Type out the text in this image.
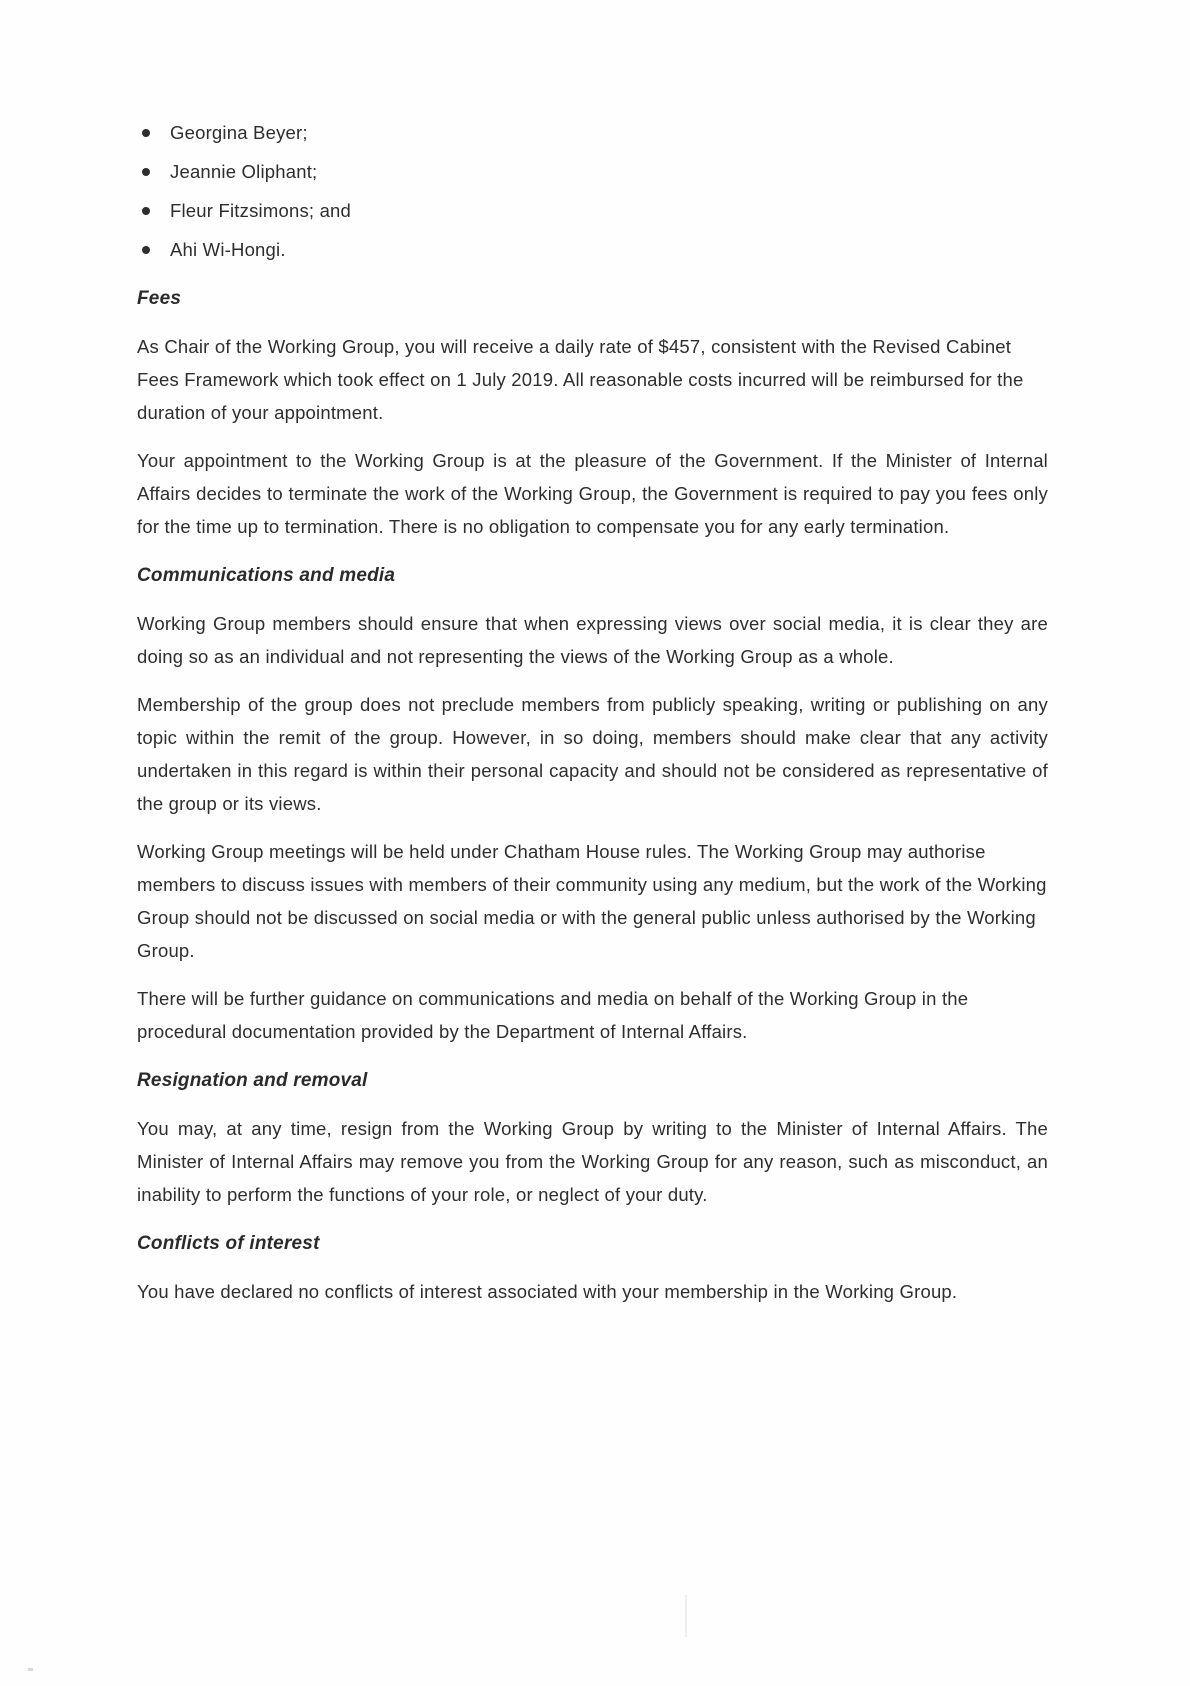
Georgina Beyer;
Jeannie Oliphant;
Fleur Fitzsimons; and
Ahi Wi-Hongi.
Fees

As Chair of the Working Group, you will receive a daily rate of $457, consistent with the Revised Cabinet Fees Framework which took effect on 1 July 2019. All reasonable costs incurred will be reimbursed for the duration of your appointment.

Your appointment to the Working Group is at the pleasure of the Government. If the Minister of Internal Affairs decides to terminate the work of the Working Group, the Government is required to pay you fees only for the time up to termination. There is no obligation to compensate you for any early termination.

Communications and media

Working Group members should ensure that when expressing views over social media, it is clear they are doing so as an individual and not representing the views of the Working Group as a whole.

Membership of the group does not preclude members from publicly speaking, writing or publishing on any topic within the remit of the group. However, in so doing, members should make clear that any activity undertaken in this regard is within their personal capacity and should not be considered as representative of the group or its views.

Working Group meetings will be held under Chatham House rules. The Working Group may authorise members to discuss issues with members of their community using any medium, but the work of the Working Group should not be discussed on social media or with the general public unless authorised by the Working Group.

There will be further guidance on communications and media on behalf of the Working Group in the procedural documentation provided by the Department of Internal Affairs.

Resignation and removal

You may, at any time, resign from the Working Group by writing to the Minister of Internal Affairs. The Minister of Internal Affairs may remove you from the Working Group for any reason, such as misconduct, an inability to perform the functions of your role, or neglect of your duty.

Conflicts of interest

You have declared no conflicts of interest associated with your membership in the Working Group.
